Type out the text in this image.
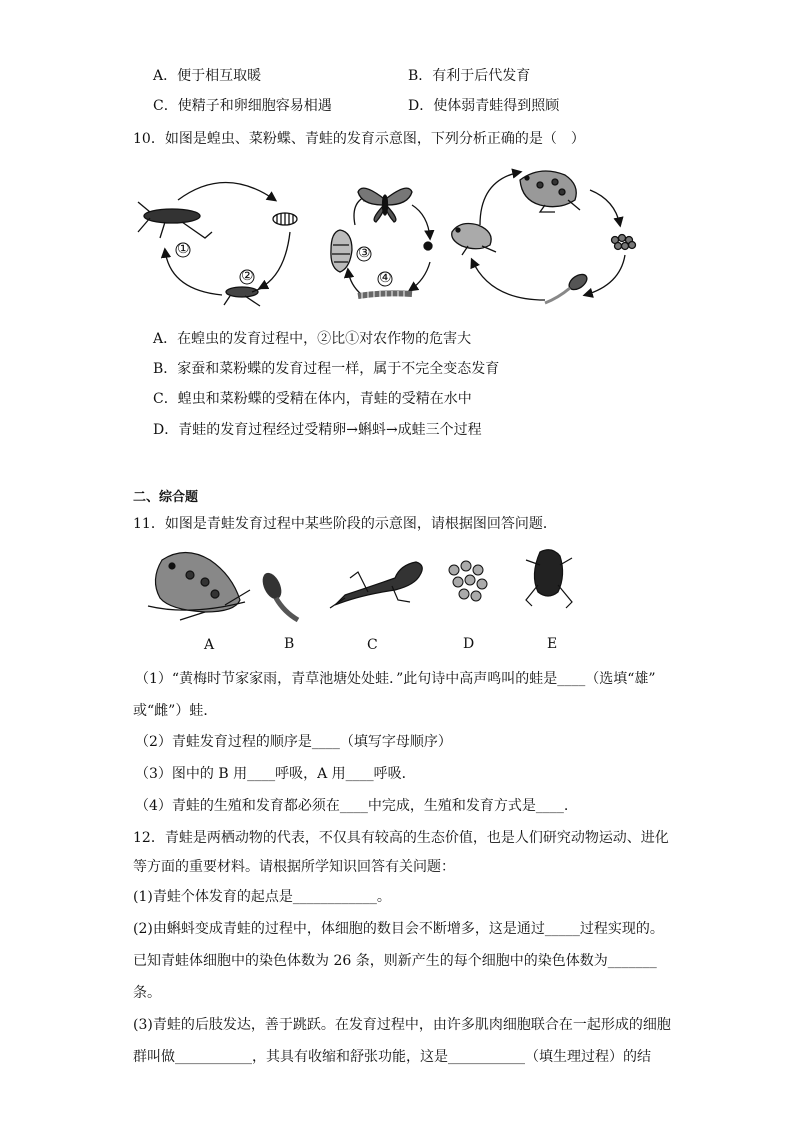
A．便于相互取暖	B．有利于后代发育
C．使精子和卵细胞容易相遇	D．使体弱青蛙得到照顾
10．如图是蝗虫、菜粉蝶、青蛙的发育示意图，下列分析正确的是（　）
①
②
③
④
A．在蝗虫的发育过程中，②比①对农作物的危害大
B．家蚕和菜粉蝶的发育过程一样，属于不完全变态发育
C．蝗虫和菜粉蝶的受精在体内，青蛙的受精在水中
D．青蛙的发育过程经过受精卵→蝌蚪→成蛙三个过程
二、综合题
11．如图是青蛙发育过程中某些阶段的示意图，请根据图回答问题．
A	B	C	D	E
（1）“黄梅时节家家雨，青草池塘处处蛙．”此句诗中高声鸣叫的蛙是____（选填“雄”
或“雌”）蛙．
（2）青蛙发育过程的顺序是____（填写字母顺序）
（3）图中的 B 用____呼吸，A 用____呼吸．
（4）青蛙的生殖和发育都必须在____中完成，生殖和发育方式是____.
12．青蛙是两栖动物的代表，不仅具有较高的生态价值，也是人们研究动物运动、进化
等方面的重要材料。请根据所学知识回答有关问题：
(1)青蛙个体发育的起点是____________。
(2)由蝌蚪变成青蛙的过程中，体细胞的数目会不断增多，这是通过_____过程实现的。
已知青蛙体细胞中的染色体数为 26 条，则新产生的每个细胞中的染色体数为_______
条。
(3)青蛙的后肢发达，善于跳跃。在发育过程中，由许多肌肉细胞联合在一起形成的细胞
群叫做___________，其具有收缩和舒张功能，这是___________（填生理过程）的结
